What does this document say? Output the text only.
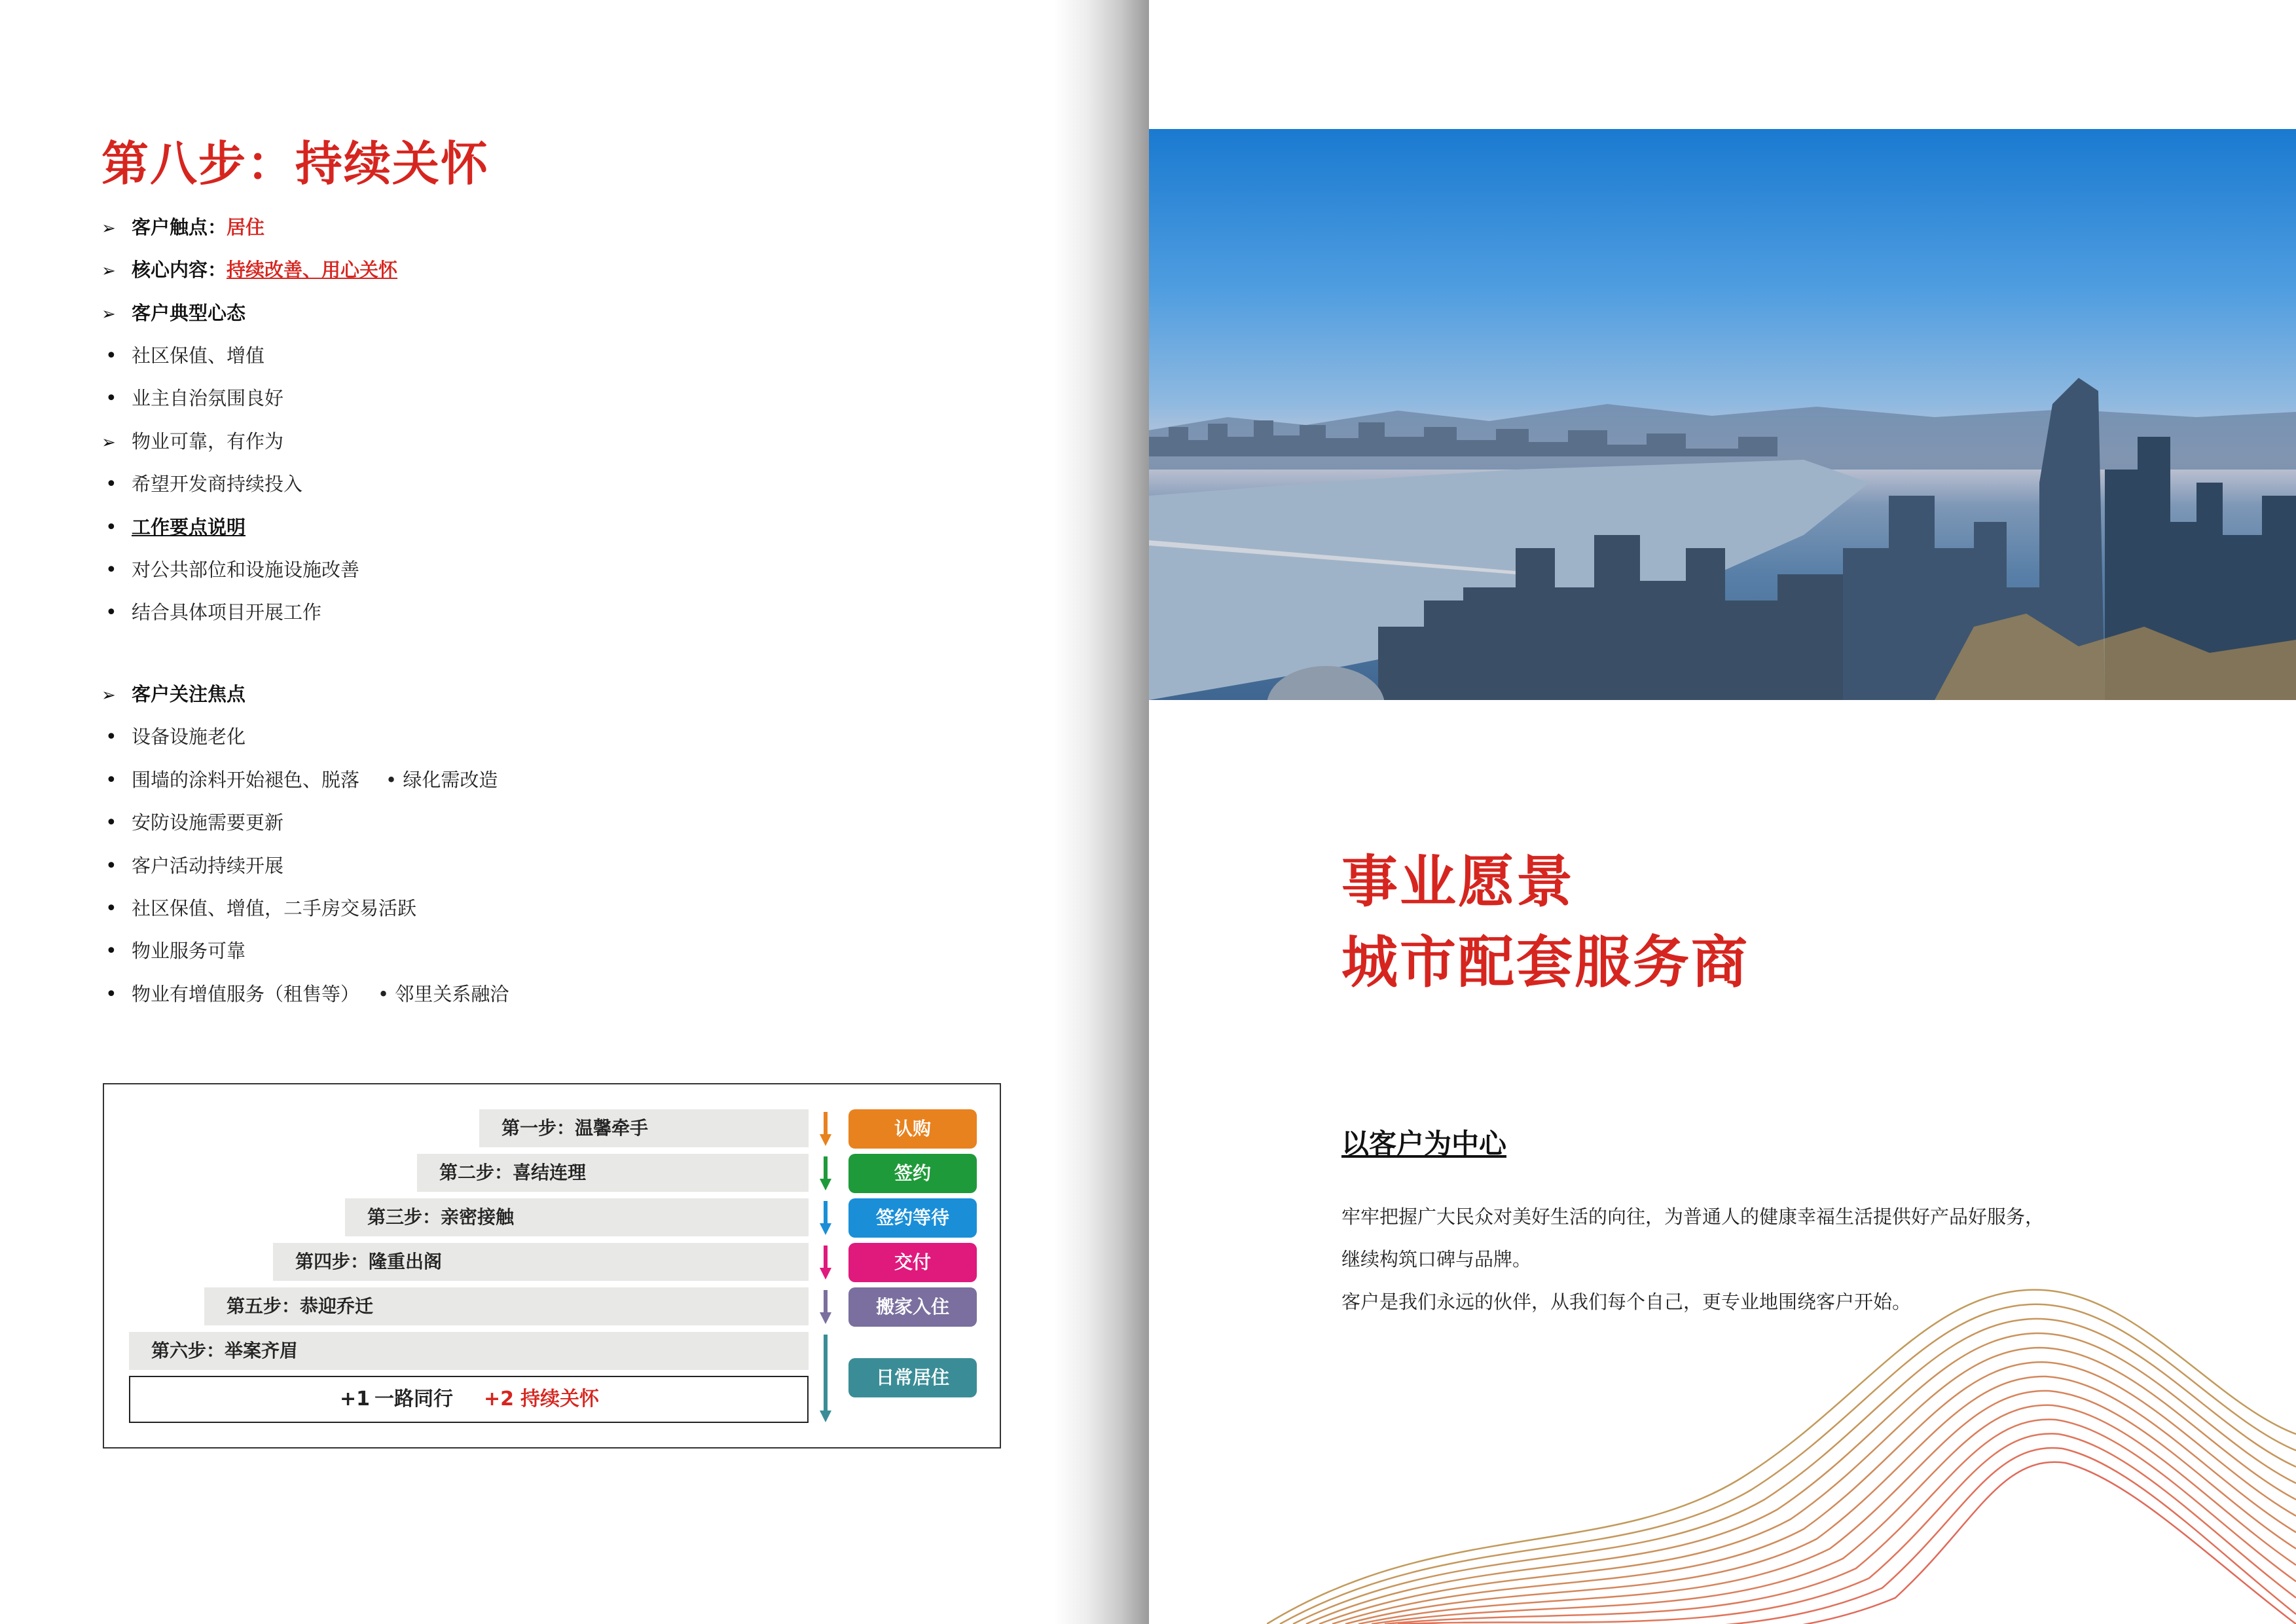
第八步：持续关怀
➢ 客户触点：居住
➢ 核心内容：持续改善、用心关怀
➢ 客户典型心态
• 社区保值、增值
• 业主自治氛围良好
➢ 物业可靠，有作为
• 希望开发商持续投入
• 工作要点说明
• 对公共部位和设施设施改善
• 结合具体项目开展工作
➢ 客户关注焦点
• 设备设施老化
• 围墙的涂料开始褪色、脱落 • 绿化需改造
• 安防设施需要更新
• 客户活动持续开展
• 社区保值、增值，二手房交易活跃
• 物业服务可靠
• 物业有增值服务（租售等） • 邻里关系融洽
第一步：温馨牵手
第二步：喜结连理
第三步：亲密接触
第四步：隆重出阁
第五步：恭迎乔迁
第六步：举案齐眉
+1 一路同行 +2 持续关怀
认购
签约
签约等待
交付
搬家入住
日常居住
事业愿景
城市配套服务商
以客户为中心
牢牢把握广大民众对美好生活的向往，为普通人的健康幸福生活提供好产品好服务，
继续构筑口碑与品牌。
客户是我们永远的伙伴，从我们每个自己，更专业地围绕客户开始。
